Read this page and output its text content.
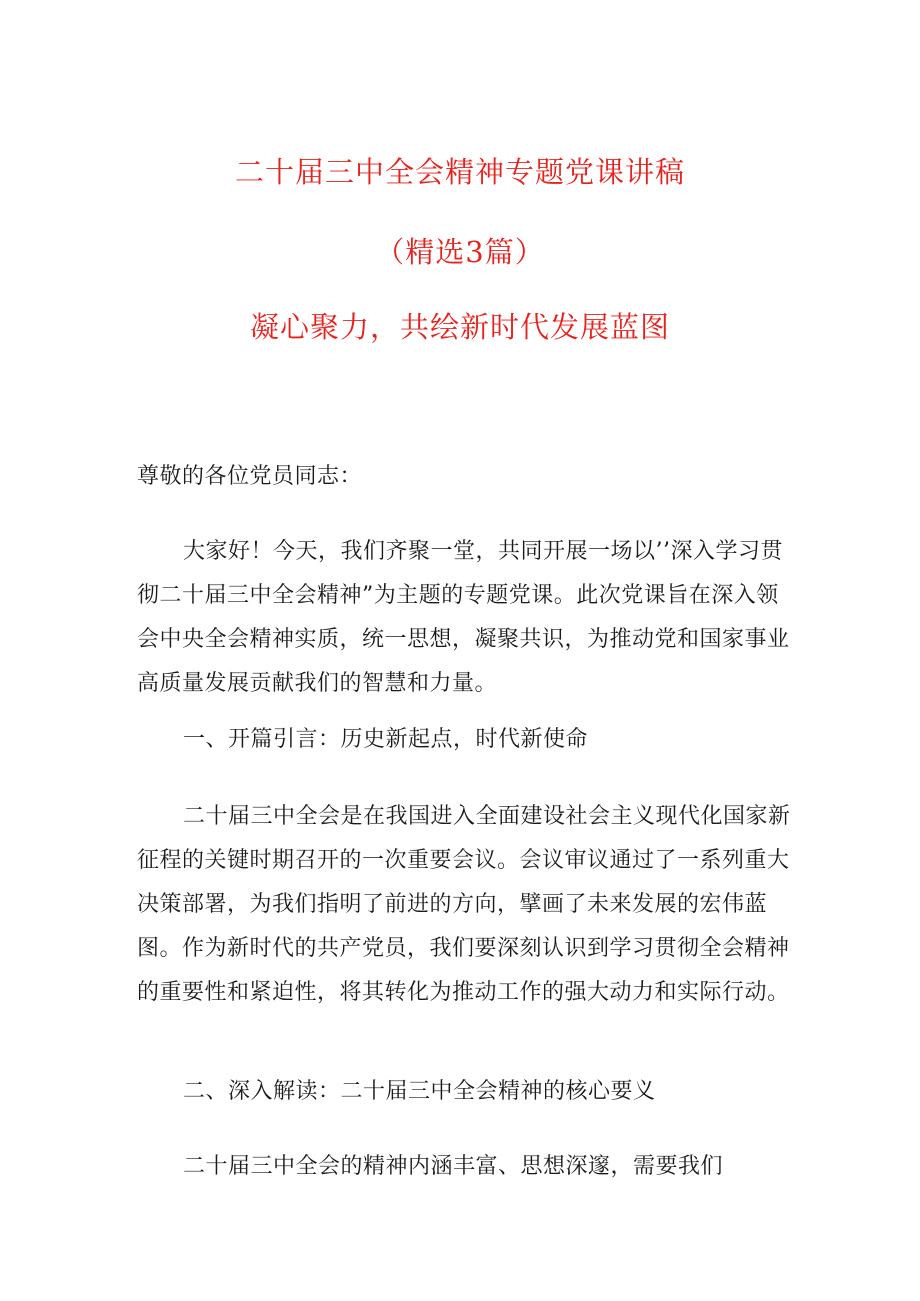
二十届三中全会精神专题党课讲稿
（精选3篇）
凝心聚力，共绘新时代发展蓝图

尊敬的各位党员同志：

大家好！今天，我们齐聚一堂，共同开展一场以’’深入学习贯彻二十届三中全会精神”为主题的专题党课。此次党课旨在深入领会中央全会精神实质，统一思想，凝聚共识，为推动党和国家事业高质量发展贡献我们的智慧和力量。

一、开篇引言：历史新起点，时代新使命

二十届三中全会是在我国进入全面建设社会主义现代化国家新征程的关键时期召开的一次重要会议。会议审议通过了一系列重大决策部署，为我们指明了前进的方向，擘画了未来发展的宏伟蓝图。作为新时代的共产党员，我们要深刻认识到学习贯彻全会精神的重要性和紧迫性，将其转化为推动工作的强大动力和实际行动。

二、深入解读：二十届三中全会精神的核心要义

二十届三中全会的精神内涵丰富、思想深邃，需要我们
